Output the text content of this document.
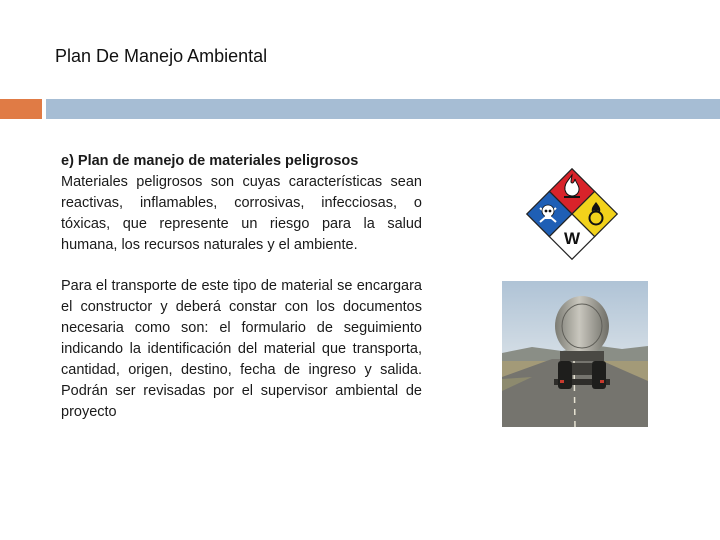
Plan De Manejo Ambiental

e) Plan de manejo de materiales peligrosos

Materiales peligrosos son cuyas características sean reactivas, inflamables, corrosivas, infecciosas, o tóxicas, que represente un riesgo para la salud humana, los recursos naturales y el ambiente.

Para el transporte de este tipo de material se encargara el constructor y deberá constar con los documentos necesaria como son: el formulario de seguimiento indicando la identificación del material que transporta, cantidad, origen, destino, fecha de ingreso y salida. Podrán ser revisadas por el supervisor ambiental de proyecto

W
